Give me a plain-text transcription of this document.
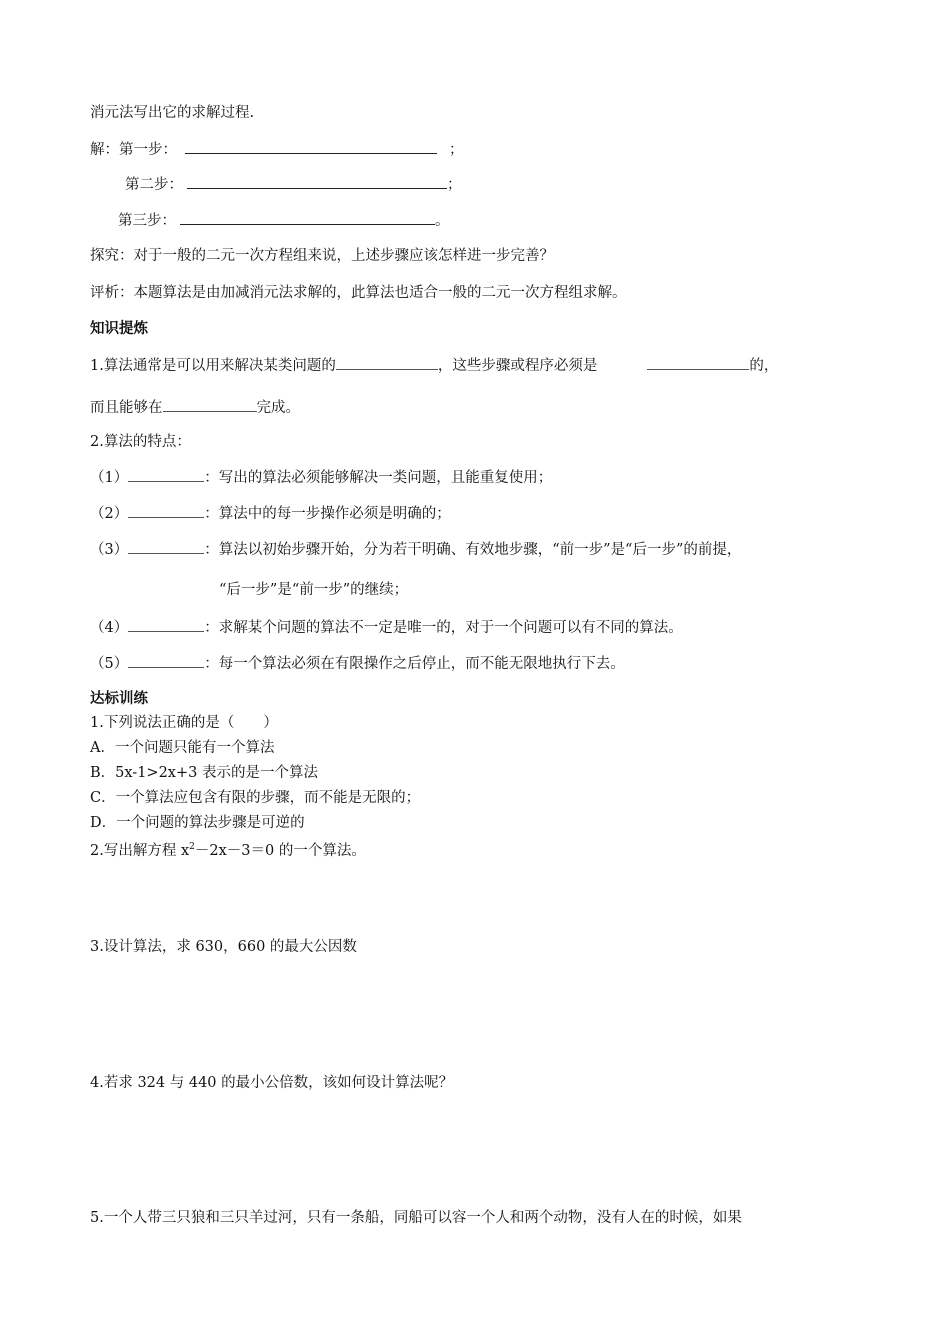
消元法写出它的求解过程.
解：第一步：	；
第二步：	；
第三步：	。
探究：对于一般的二元一次方程组来说，上述步骤应该怎样进一步完善？
评析：本题算法是由加减消元法求解的，此算法也适合一般的二元一次方程组求解。
知识提炼
1.算法通常是可以用来解决某类问题的	，这些步骤或程序必须是	的，
而且能够在	完成。
2.算法的特点：
（1）	：写出的算法必须能够解决一类问题，且能重复使用；
（2）	：算法中的每一步操作必须是明确的；
（3）	：算法以初始步骤开始，分为若干明确、有效地步骤，“前一步”是“后一步”的前提，
“后一步”是“前一步”的继续；
（4）	：求解某个问题的算法不一定是唯一的，对于一个问题可以有不同的算法。
（5）	：每一个算法必须在有限操作之后停止，而不能无限地执行下去。
达标训练
1.下列说法正确的是（　　）
A．一个问题只能有一个算法
B．5x-1>2x+3 表示的是一个算法
C．一个算法应包含有限的步骤，而不能是无限的；
D．一个问题的算法步骤是可逆的
2.写出解方程 $x^2-2x-3=0$ 的一个算法。
3.设计算法，求 630，660 的最大公因数
4.若求 324 与 440 的最小公倍数，该如何设计算法呢？
5.一个人带三只狼和三只羊过河，只有一条船，同船可以容一个人和两个动物，没有人在的时候，如果
